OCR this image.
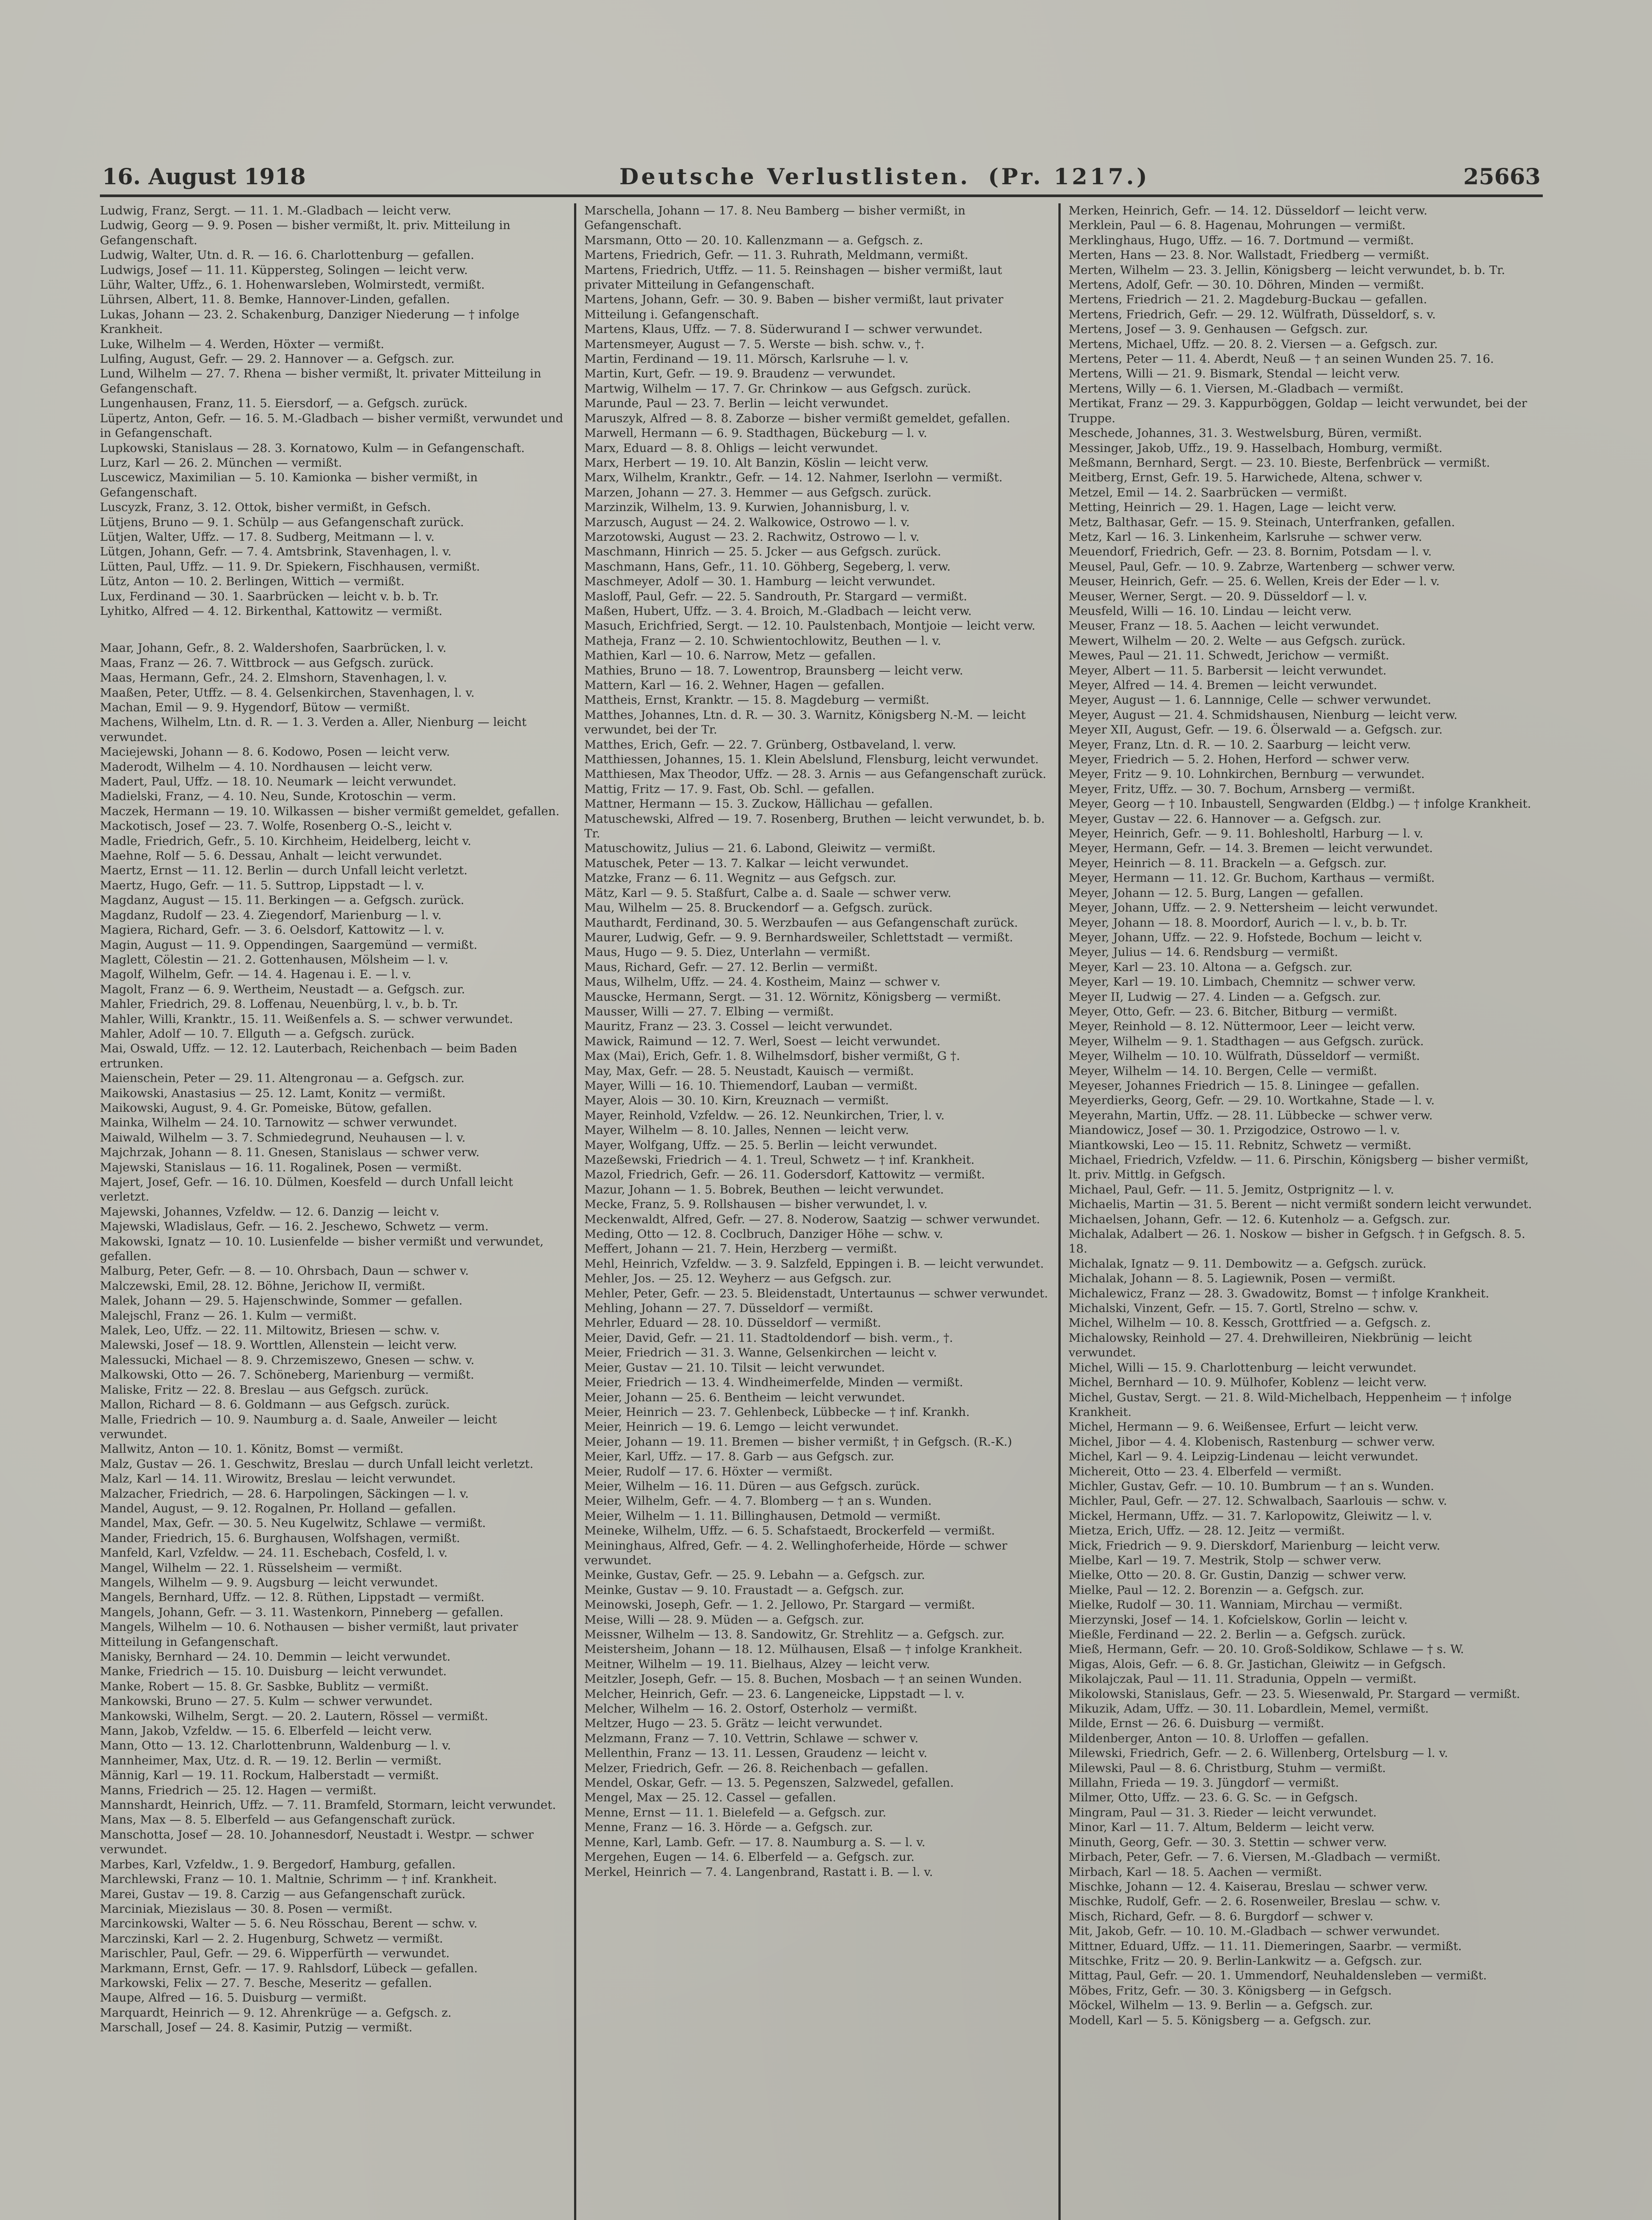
16. August 1918	Deutsche Verlustlisten. (Pr. 1217.)	25663

Ludwig, Franz, Sergt. — 11. 1. M.-Gladbach — leicht verw.

Ludwig, Georg — 9. 9. Posen — bisher vermißt, lt. priv. Mitteilung in Gefangenschaft.

Ludwig, Walter, Utn. d. R. — 16. 6. Charlottenburg — gefallen.

Ludwigs, Josef — 11. 11. Küppersteg, Solingen — leicht verw.

Lühr, Walter, Uffz., 6. 1. Hohenwarsleben, Wolmirstedt, vermißt.

Lührsen, Albert, 11. 8. Bemke, Hannover-Linden, gefallen.

Lukas, Johann — 23. 2. Schakenburg, Danziger Niederung — † infolge Krankheit.

Luke, Wilhelm — 4. Werden, Höxter — vermißt.

Lulfing, August, Gefr. — 29. 2. Hannover — a. Gefgsch. zur.

Lund, Wilhelm — 27. 7. Rhena — bisher vermißt, lt. privater Mitteilung in Gefangenschaft.

Lungenhausen, Franz, 11. 5. Eiersdorf, — a. Gefgsch. zurück.

Lüpertz, Anton, Gefr. — 16. 5. M.-Gladbach — bisher vermißt, verwundet und in Gefangenschaft.

Lupkowski, Stanislaus — 28. 3. Kornatowo, Kulm — in Gefangenschaft.

Lurz, Karl — 26. 2. München — vermißt.

Luscewicz, Maximilian — 5. 10. Kamionka — bisher vermißt, in Gefangenschaft.

Luscyzk, Franz, 3. 12. Ottok, bisher vermißt, in Gefsch.

Lütjens, Bruno — 9. 1. Schülp — aus Gefangenschaft zurück.

Lütjen, Walter, Uffz. — 17. 8. Sudberg, Meitmann — l. v.

Lütgen, Johann, Gefr. — 7. 4. Amtsbrink, Stavenhagen, l. v.

Lütten, Paul, Uffz. — 11. 9. Dr. Spiekern, Fischhausen, vermißt.

Lütz, Anton — 10. 2. Berlingen, Wittich — vermißt.

Lux, Ferdinand — 30. 1. Saarbrücken — leicht v. b. b. Tr.

Lyhitko, Alfred — 4. 12. Birkenthal, Kattowitz — vermißt.

Maar, Johann, Gefr., 8. 2. Waldershofen, Saarbrücken, l. v.

Maas, Franz — 26. 7. Wittbrock — aus Gefgsch. zurück.

Maas, Hermann, Gefr., 24. 2. Elmshorn, Stavenhagen, l. v.

Maaßen, Peter, Utffz. — 8. 4. Gelsenkirchen, Stavenhagen, l. v.

Machan, Emil — 9. 9. Hygendorf, Bütow — vermißt.

Machens, Wilhelm, Ltn. d. R. — 1. 3. Verden a. Aller, Nienburg — leicht verwundet.

Maciejewski, Johann — 8. 6. Kodowo, Posen — leicht verw.

Maderodt, Wilhelm — 4. 10. Nordhausen — leicht verw.

Madert, Paul, Uffz. — 18. 10. Neumark — leicht verwundet.

Madielski, Franz, — 4. 10. Neu, Sunde, Krotoschin — verm.

Maczek, Hermann — 19. 10. Wilkassen — bisher vermißt gemeldet, gefallen.

Mackotisch, Josef — 23. 7. Wolfe, Rosenberg O.-S., leicht v.

Madle, Friedrich, Gefr., 5. 10. Kirchheim, Heidelberg, leicht v.

Maehne, Rolf — 5. 6. Dessau, Anhalt — leicht verwundet.

Maertz, Ernst — 11. 12. Berlin — durch Unfall leicht verletzt.

Maertz, Hugo, Gefr. — 11. 5. Suttrop, Lippstadt — l. v.

Magdanz, August — 15. 11. Berkingen — a. Gefgsch. zurück.

Magdanz, Rudolf — 23. 4. Ziegendorf, Marienburg — l. v.

Magiera, Richard, Gefr. — 3. 6. Oelsdorf, Kattowitz — l. v.

Magin, August — 11. 9. Oppendingen, Saargemünd — vermißt.

Maglett, Cölestin — 21. 2. Gottenhausen, Mölsheim — l. v.

Magolf, Wilhelm, Gefr. — 14. 4. Hagenau i. E. — l. v.

Magolt, Franz — 6. 9. Wertheim, Neustadt — a. Gefgsch. zur.

Mahler, Friedrich, 29. 8. Loffenau, Neuenbürg, l. v., b. b. Tr.

Mahler, Willi, Kranktr., 15. 11. Weißenfels a. S. — schwer verwundet.

Mahler, Adolf — 10. 7. Ellguth — a. Gefgsch. zurück.

Mai, Oswald, Uffz. — 12. 12. Lauterbach, Reichenbach — beim Baden ertrunken.

Maienschein, Peter — 29. 11. Altengronau — a. Gefgsch. zur.

Maikowski, Anastasius — 25. 12. Lamt, Konitz — vermißt.

Maikowski, August, 9. 4. Gr. Pomeiske, Bütow, gefallen.

Mainka, Wilhelm — 24. 10. Tarnowitz — schwer verwundet.

Maiwald, Wilhelm — 3. 7. Schmiedegrund, Neuhausen — l. v.

Majchrzak, Johann — 8. 11. Gnesen, Stanislaus — schwer verw.

Majewski, Stanislaus — 16. 11. Rogalinek, Posen — vermißt.

Majert, Josef, Gefr. — 16. 10. Dülmen, Koesfeld — durch Unfall leicht verletzt.

Majewski, Johannes, Vzfeldw. — 12. 6. Danzig — leicht v.

Majewski, Wladislaus, Gefr. — 16. 2. Jeschewo, Schwetz — verm.

Makowski, Ignatz — 10. 10. Lusienfelde — bisher vermißt und verwundet, gefallen.

Malburg, Peter, Gefr. — 8. — 10. Ohrsbach, Daun — schwer v.

Malczewski, Emil, 28. 12. Böhne, Jerichow II, vermißt.

Malek, Johann — 29. 5. Hajenschwinde, Sommer — gefallen.

Malejschl, Franz — 26. 1. Kulm — vermißt.

Malek, Leo, Uffz. — 22. 11. Miltowitz, Briesen — schw. v.

Malewski, Josef — 18. 9. Worttlen, Allenstein — leicht verw.

Malessucki, Michael — 8. 9. Chrzemiszewo, Gnesen — schw. v.

Malkowski, Otto — 26. 7. Schöneberg, Marienburg — vermißt.

Maliske, Fritz — 22. 8. Breslau — aus Gefgsch. zurück.

Mallon, Richard — 8. 6. Goldmann — aus Gefgsch. zurück.

Malle, Friedrich — 10. 9. Naumburg a. d. Saale, Anweiler — leicht verwundet.

Mallwitz, Anton — 10. 1. Könitz, Bomst — vermißt.

Malz, Gustav — 26. 1. Geschwitz, Breslau — durch Unfall leicht verletzt.

Malz, Karl — 14. 11. Wirowitz, Breslau — leicht verwundet.

Malzacher, Friedrich, — 28. 6. Harpolingen, Säckingen — l. v.

Mandel, August, — 9. 12. Rogalnen, Pr. Holland — gefallen.

Mandel, Max, Gefr. — 30. 5. Neu Kugelwitz, Schlawe — vermißt.

Mander, Friedrich, 15. 6. Burghausen, Wolfshagen, vermißt.

Manfeld, Karl, Vzfeldw. — 24. 11. Eschebach, Cosfeld, l. v.

Mangel, Wilhelm — 22. 1. Rüsselsheim — vermißt.

Mangels, Wilhelm — 9. 9. Augsburg — leicht verwundet.

Mangels, Bernhard, Uffz. — 12. 8. Rüthen, Lippstadt — vermißt.

Mangels, Johann, Gefr. — 3. 11. Wastenkorn, Pinneberg — gefallen.

Mangels, Wilhelm — 10. 6. Nothausen — bisher vermißt, laut privater Mitteilung in Gefangenschaft.

Manisky, Bernhard — 24. 10. Demmin — leicht verwundet.

Manke, Friedrich — 15. 10. Duisburg — leicht verwundet.

Manke, Robert — 15. 8. Gr. Sasbke, Bublitz — vermißt.

Mankowski, Bruno — 27. 5. Kulm — schwer verwundet.

Mankowski, Wilhelm, Sergt. — 20. 2. Lautern, Rössel — vermißt.

Mann, Jakob, Vzfeldw. — 15. 6. Elberfeld — leicht verw.

Mann, Otto — 13. 12. Charlottenbrunn, Waldenburg — l. v.

Mannheimer, Max, Utz. d. R. — 19. 12. Berlin — vermißt.

Männig, Karl — 19. 11. Rockum, Halberstadt — vermißt.

Manns, Friedrich — 25. 12. Hagen — vermißt.

Mannshardt, Heinrich, Uffz. — 7. 11. Bramfeld, Stormarn, leicht verwundet.

Mans, Max — 8. 5. Elberfeld — aus Gefangenschaft zurück.

Manschotta, Josef — 28. 10. Johannesdorf, Neustadt i. Westpr. — schwer verwundet.

Marbes, Karl, Vzfeldw., 1. 9. Bergedorf, Hamburg, gefallen.

Marchlewski, Franz — 10. 1. Maltnie, Schrimm — † inf. Krankheit.

Marei, Gustav — 19. 8. Carzig — aus Gefangenschaft zurück.

Marciniak, Miezislaus — 30. 8. Posen — vermißt.

Marcinkowski, Walter — 5. 6. Neu Rösschau, Berent — schw. v.

Marczinski, Karl — 2. 2. Hugenburg, Schwetz — vermißt.

Marischler, Paul, Gefr. — 29. 6. Wipperfürth — verwundet.

Markmann, Ernst, Gefr. — 17. 9. Rahlsdorf, Lübeck — gefallen.

Markowski, Felix — 27. 7. Besche, Meseritz — gefallen.

Maupe, Alfred — 16. 5. Duisburg — vermißt.

Marquardt, Heinrich — 9. 12. Ahrenkrüge — a. Gefgsch. z.

Marschall, Josef — 24. 8. Kasimir, Putzig — vermißt.

Marschella, Johann — 17. 8. Neu Bamberg — bisher vermißt, in Gefangenschaft.

Marsmann, Otto — 20. 10. Kallenzmann — a. Gefgsch. z.

Martens, Friedrich, Gefr. — 11. 3. Ruhrath, Meldmann, vermißt.

Martens, Friedrich, Utffz. — 11. 5. Reinshagen — bisher vermißt, laut privater Mitteilung in Gefangenschaft.

Martens, Johann, Gefr. — 30. 9. Baben — bisher vermißt, laut privater Mitteilung i. Gefangenschaft.

Martens, Klaus, Uffz. — 7. 8. Süderwurand I — schwer verwundet.

Martensmeyer, August — 7. 5. Werste — bish. schw. v., †.

Martin, Ferdinand — 19. 11. Mörsch, Karlsruhe — l. v.

Martin, Kurt, Gefr. — 19. 9. Braudenz — verwundet.

Martwig, Wilhelm — 17. 7. Gr. Chrinkow — aus Gefgsch. zurück.

Marunde, Paul — 23. 7. Berlin — leicht verwundet.

Maruszyk, Alfred — 8. 8. Zaborze — bisher vermißt gemeldet, gefallen.

Marwell, Hermann — 6. 9. Stadthagen, Bückeburg — l. v.

Marx, Eduard — 8. 8. Ohligs — leicht verwundet.

Marx, Herbert — 19. 10. Alt Banzin, Köslin — leicht verw.

Marx, Wilhelm, Kranktr., Gefr. — 14. 12. Nahmer, Iserlohn — vermißt.

Marzen, Johann — 27. 3. Hemmer — aus Gefgsch. zurück.

Marzinzik, Wilhelm, 13. 9. Kurwien, Johannisburg, l. v.

Marzusch, August — 24. 2. Walkowice, Ostrowo — l. v.

Marzotowski, August — 23. 2. Rachwitz, Ostrowo — l. v.

Maschmann, Hinrich — 25. 5. Jcker — aus Gefgsch. zurück.

Maschmann, Hans, Gefr., 11. 10. Göhberg, Segeberg, l. verw.

Maschmeyer, Adolf — 30. 1. Hamburg — leicht verwundet.

Masloff, Paul, Gefr. — 22. 5. Sandrouth, Pr. Stargard — vermißt.

Maßen, Hubert, Uffz. — 3. 4. Broich, M.-Gladbach — leicht verw.

Masuch, Erichfried, Sergt. — 12. 10. Paulstenbach, Montjoie — leicht verw.

Matheja, Franz — 2. 10. Schwientochlowitz, Beuthen — l. v.

Mathien, Karl — 10. 6. Narrow, Metz — gefallen.

Mathies, Bruno — 18. 7. Lowentrop, Braunsberg — leicht verw.

Mattern, Karl — 16. 2. Wehner, Hagen — gefallen.

Mattheis, Ernst, Kranktr. — 15. 8. Magdeburg — vermißt.

Matthes, Johannes, Ltn. d. R. — 30. 3. Warnitz, Königsberg N.-M. — leicht verwundet, bei der Tr.

Matthes, Erich, Gefr. — 22. 7. Grünberg, Ostbaveland, l. verw.

Matthiessen, Johannes, 15. 1. Klein Abelslund, Flensburg, leicht verwundet.

Matthiesen, Max Theodor, Uffz. — 28. 3. Arnis — aus Gefangenschaft zurück.

Mattig, Fritz — 17. 9. Fast, Ob. Schl. — gefallen.

Mattner, Hermann — 15. 3. Zuckow, Hällichau — gefallen.

Matuschewski, Alfred — 19. 7. Rosenberg, Bruthen — leicht verwundet, b. b. Tr.

Matuschowitz, Julius — 21. 6. Labond, Gleiwitz — vermißt.

Matuschek, Peter — 13. 7. Kalkar — leicht verwundet.

Matzke, Franz — 6. 11. Wegnitz — aus Gefgsch. zur.

Mätz, Karl — 9. 5. Staßfurt, Calbe a. d. Saale — schwer verw.

Mau, Wilhelm — 25. 8. Bruckendorf — a. Gefgsch. zurück.

Mauthardt, Ferdinand, 30. 5. Werzbaufen — aus Gefangenschaft zurück.

Maurer, Ludwig, Gefr. — 9. 9. Bernhardsweiler, Schlettstadt — vermißt.

Maus, Hugo — 9. 5. Diez, Unterlahn — vermißt.

Maus, Richard, Gefr. — 27. 12. Berlin — vermißt.

Maus, Wilhelm, Uffz. — 24. 4. Kostheim, Mainz — schwer v.

Mauscke, Hermann, Sergt. — 31. 12. Wörnitz, Königsberg — vermißt.

Mausser, Willi — 27. 7. Elbing — vermißt.

Mauritz, Franz — 23. 3. Cossel — leicht verwundet.

Mawick, Raimund — 12. 7. Werl, Soest — leicht verwundet.

Max (Mai), Erich, Gefr. 1. 8. Wilhelmsdorf, bisher vermißt, G †.

May, Max, Gefr. — 28. 5. Neustadt, Kauisch — vermißt.

Mayer, Willi — 16. 10. Thiemendorf, Lauban — vermißt.

Mayer, Alois — 30. 10. Kirn, Kreuznach — vermißt.

Mayer, Reinhold, Vzfeldw. — 26. 12. Neunkirchen, Trier, l. v.

Mayer, Wilhelm — 8. 10. Jalles, Nennen — leicht verw.

Mayer, Wolfgang, Uffz. — 25. 5. Berlin — leicht verwundet.

Mazeßewski, Friedrich — 4. 1. Treul, Schwetz — † inf. Krankheit.

Mazol, Friedrich, Gefr. — 26. 11. Godersdorf, Kattowitz — vermißt.

Mazur, Johann — 1. 5. Bobrek, Beuthen — leicht verwundet.

Mecke, Franz, 5. 9. Rollshausen — bisher verwundet, l. v.

Meckenwaldt, Alfred, Gefr. — 27. 8. Noderow, Saatzig — schwer verwundet.

Meding, Otto — 12. 8. Coclbruch, Danziger Höhe — schw. v.

Meffert, Johann — 21. 7. Hein, Herzberg — vermißt.

Mehl, Heinrich, Vzfeldw. — 3. 9. Salzfeld, Eppingen i. B. — leicht verwundet.

Mehler, Jos. — 25. 12. Weyherz — aus Gefgsch. zur.

Mehler, Peter, Gefr. — 23. 5. Bleidenstadt, Untertaunus — schwer verwundet.

Mehling, Johann — 27. 7. Düsseldorf — vermißt.

Mehrler, Eduard — 28. 10. Düsseldorf — vermißt.

Meier, David, Gefr. — 21. 11. Stadtoldendorf — bish. verm., †.

Meier, Friedrich — 31. 3. Wanne, Gelsenkirchen — leicht v.

Meier, Gustav — 21. 10. Tilsit — leicht verwundet.

Meier, Friedrich — 13. 4. Windheimerfelde, Minden — vermißt.

Meier, Johann — 25. 6. Bentheim — leicht verwundet.

Meier, Heinrich — 23. 7. Gehlenbeck, Lübbecke — † inf. Krankh.

Meier, Heinrich — 19. 6. Lemgo — leicht verwundet.

Meier, Johann — 19. 11. Bremen — bisher vermißt, † in Gefgsch. (R.-K.)

Meier, Karl, Uffz. — 17. 8. Garb — aus Gefgsch. zur.

Meier, Rudolf — 17. 6. Höxter — vermißt.

Meier, Wilhelm — 16. 11. Düren — aus Gefgsch. zurück.

Meier, Wilhelm, Gefr. — 4. 7. Blomberg — † an s. Wunden.

Meier, Wilhelm — 1. 11. Billinghausen, Detmold — vermißt.

Meineke, Wilhelm, Uffz. — 6. 5. Schafstaedt, Brockerfeld — vermißt.

Meininghaus, Alfred, Gefr. — 4. 2. Wellinghoferheide, Hörde — schwer verwundet.

Meinke, Gustav, Gefr. — 25. 9. Lebahn — a. Gefgsch. zur.

Meinke, Gustav — 9. 10. Fraustadt — a. Gefgsch. zur.

Meinowski, Joseph, Gefr. — 1. 2. Jellowo, Pr. Stargard — vermißt.

Meise, Willi — 28. 9. Müden — a. Gefgsch. zur.

Meissner, Wilhelm — 13. 8. Sandowitz, Gr. Strehlitz — a. Gefgsch. zur.

Meistersheim, Johann — 18. 12. Mülhausen, Elsaß — † infolge Krankheit.

Meitner, Wilhelm — 19. 11. Bielhaus, Alzey — leicht verw.

Meitzler, Joseph, Gefr. — 15. 8. Buchen, Mosbach — † an seinen Wunden.

Melcher, Heinrich, Gefr. — 23. 6. Langeneicke, Lippstadt — l. v.

Melcher, Wilhelm — 16. 2. Ostorf, Osterholz — vermißt.

Meltzer, Hugo — 23. 5. Grätz — leicht verwundet.

Melzmann, Franz — 7. 10. Vettrin, Schlawe — schwer v.

Mellenthin, Franz — 13. 11. Lessen, Graudenz — leicht v.

Melzer, Friedrich, Gefr. — 26. 8. Reichenbach — gefallen.

Mendel, Oskar, Gefr. — 13. 5. Pegenszen, Salzwedel, gefallen.

Mengel, Max — 25. 12. Cassel — gefallen.

Menne, Ernst — 11. 1. Bielefeld — a. Gefgsch. zur.

Menne, Franz — 16. 3. Hörde — a. Gefgsch. zur.

Menne, Karl, Lamb. Gefr. — 17. 8. Naumburg a. S. — l. v.

Mergehen, Eugen — 14. 6. Elberfeld — a. Gefgsch. zur.

Merkel, Heinrich — 7. 4. Langenbrand, Rastatt i. B. — l. v.

Merken, Heinrich, Gefr. — 14. 12. Düsseldorf — leicht verw.

Merklein, Paul — 6. 8. Hagenau, Mohrungen — vermißt.

Merklinghaus, Hugo, Uffz. — 16. 7. Dortmund — vermißt.

Merten, Hans — 23. 8. Nor. Wallstadt, Friedberg — vermißt.

Merten, Wilhelm — 23. 3. Jellin, Königsberg — leicht verwundet, b. b. Tr.

Mertens, Adolf, Gefr. — 30. 10. Döhren, Minden — vermißt.

Mertens, Friedrich — 21. 2. Magdeburg-Buckau — gefallen.

Mertens, Friedrich, Gefr. — 29. 12. Wülfrath, Düsseldorf, s. v.

Mertens, Josef — 3. 9. Genhausen — Gefgsch. zur.

Mertens, Michael, Uffz. — 20. 8. 2. Viersen — a. Gefgsch. zur.

Mertens, Peter — 11. 4. Aberdt, Neuß — † an seinen Wunden 25. 7. 16.

Mertens, Willi — 21. 9. Bismark, Stendal — leicht verw.

Mertens, Willy — 6. 1. Viersen, M.-Gladbach — vermißt.

Mertikat, Franz — 29. 3. Kappurböggen, Goldap — leicht verwundet, bei der Truppe.

Meschede, Johannes, 31. 3. Westwelsburg, Büren, vermißt.

Messinger, Jakob, Uffz., 19. 9. Hasselbach, Homburg, vermißt.

Meßmann, Bernhard, Sergt. — 23. 10. Bieste, Berfenbrück — vermißt.

Meitberg, Ernst, Gefr. 19. 5. Harwichede, Altena, schwer v.

Metzel, Emil — 14. 2. Saarbrücken — vermißt.

Metting, Heinrich — 29. 1. Hagen, Lage — leicht verw.

Metz, Balthasar, Gefr. — 15. 9. Steinach, Unterfranken, gefallen.

Metz, Karl — 16. 3. Linkenheim, Karlsruhe — schwer verw.

Meuendorf, Friedrich, Gefr. — 23. 8. Bornim, Potsdam — l. v.

Meusel, Paul, Gefr. — 10. 9. Zabrze, Wartenberg — schwer verw.

Meuser, Heinrich, Gefr. — 25. 6. Wellen, Kreis der Eder — l. v.

Meuser, Werner, Sergt. — 20. 9. Düsseldorf — l. v.

Meusfeld, Willi — 16. 10. Lindau — leicht verw.

Meuser, Franz — 18. 5. Aachen — leicht verwundet.

Mewert, Wilhelm — 20. 2. Welte — aus Gefgsch. zurück.

Mewes, Paul — 21. 11. Schwedt, Jerichow — vermißt.

Meyer, Albert — 11. 5. Barbersit — leicht verwundet.

Meyer, Alfred — 14. 4. Bremen — leicht verwundet.

Meyer, August — 1. 6. Lannnige, Celle — schwer verwundet.

Meyer, August — 21. 4. Schmidshausen, Nienburg — leicht verw.

Meyer XII, August, Gefr. — 19. 6. Ölserwald — a. Gefgsch. zur.

Meyer, Franz, Ltn. d. R. — 10. 2. Saarburg — leicht verw.

Meyer, Friedrich — 5. 2. Hohen, Herford — schwer verw.

Meyer, Fritz — 9. 10. Lohnkirchen, Bernburg — verwundet.

Meyer, Fritz, Uffz. — 30. 7. Bochum, Arnsberg — vermißt.

Meyer, Georg — † 10. Inbaustell, Sengwarden (Eldbg.) — † infolge Krankheit.

Meyer, Gustav — 22. 6. Hannover — a. Gefgsch. zur.

Meyer, Heinrich, Gefr. — 9. 11. Bohlesholtl, Harburg — l. v.

Meyer, Hermann, Gefr. — 14. 3. Bremen — leicht verwundet.

Meyer, Heinrich — 8. 11. Brackeln — a. Gefgsch. zur.

Meyer, Hermann — 11. 12. Gr. Buchom, Karthaus — vermißt.

Meyer, Johann — 12. 5. Burg, Langen — gefallen.

Meyer, Johann, Uffz. — 2. 9. Nettersheim — leicht verwundet.

Meyer, Johann — 18. 8. Moordorf, Aurich — l. v., b. b. Tr.

Meyer, Johann, Uffz. — 22. 9. Hofstede, Bochum — leicht v.

Meyer, Julius — 14. 6. Rendsburg — vermißt.

Meyer, Karl — 23. 10. Altona — a. Gefgsch. zur.

Meyer, Karl — 19. 10. Limbach, Chemnitz — schwer verw.

Meyer II, Ludwig — 27. 4. Linden — a. Gefgsch. zur.

Meyer, Otto, Gefr. — 23. 6. Bitcher, Bitburg — vermißt.

Meyer, Reinhold — 8. 12. Nüttermoor, Leer — leicht verw.

Meyer, Wilhelm — 9. 1. Stadthagen — aus Gefgsch. zurück.

Meyer, Wilhelm — 10. 10. Wülfrath, Düsseldorf — vermißt.

Meyer, Wilhelm — 14. 10. Bergen, Celle — vermißt.

Meyeser, Johannes Friedrich — 15. 8. Liningee — gefallen.

Meyerdierks, Georg, Gefr. — 29. 10. Wortkahne, Stade — l. v.

Meyerahn, Martin, Uffz. — 28. 11. Lübbecke — schwer verw.

Miandowicz, Josef — 30. 1. Przigodzice, Ostrowo — l. v.

Miantkowski, Leo — 15. 11. Rebnitz, Schwetz — vermißt.

Michael, Friedrich, Vzfeldw. — 11. 6. Pirschin, Königsberg — bisher vermißt, lt. priv. Mittlg. in Gefgsch.

Michael, Paul, Gefr. — 11. 5. Jemitz, Ostprignitz — l. v.

Michaelis, Martin — 31. 5. Berent — nicht vermißt sondern leicht verwundet.

Michaelsen, Johann, Gefr. — 12. 6. Kutenholz — a. Gefgsch. zur.

Michalak, Adalbert — 26. 1. Noskow — bisher in Gefgsch. † in Gefgsch. 8. 5. 18.

Michalak, Ignatz — 9. 11. Dembowitz — a. Gefgsch. zurück.

Michalak, Johann — 8. 5. Lagiewnik, Posen — vermißt.

Michalewicz, Franz — 28. 3. Gwadowitz, Bomst — † infolge Krankheit.

Michalski, Vinzent, Gefr. — 15. 7. Gortl, Strelno — schw. v.

Michel, Wilhelm — 10. 8. Kessch, Grottfried — a. Gefgsch. z.

Michalowsky, Reinhold — 27. 4. Drehwilleiren, Niekbrünig — leicht verwundet.

Michel, Willi — 15. 9. Charlottenburg — leicht verwundet.

Michel, Bernhard — 10. 9. Mülhofer, Koblenz — leicht verw.

Michel, Gustav, Sergt. — 21. 8. Wild-Michelbach, Heppenheim — † infolge Krankheit.

Michel, Hermann — 9. 6. Weißensee, Erfurt — leicht verw.

Michel, Jibor — 4. 4. Klobenisch, Rastenburg — schwer verw.

Michel, Karl — 9. 4. Leipzig-Lindenau — leicht verwundet.

Michereit, Otto — 23. 4. Elberfeld — vermißt.

Michler, Gustav, Gefr. — 10. 10. Bumbrum — † an s. Wunden.

Michler, Paul, Gefr. — 27. 12. Schwalbach, Saarlouis — schw. v.

Mickel, Hermann, Uffz. — 31. 7. Karlopowitz, Gleiwitz — l. v.

Mietza, Erich, Uffz. — 28. 12. Jeitz — vermißt.

Mick, Friedrich — 9. 9. Dierskdorf, Marienburg — leicht verw.

Mielbe, Karl — 19. 7. Mestrik, Stolp — schwer verw.

Mielke, Otto — 20. 8. Gr. Gustin, Danzig — schwer verw.

Mielke, Paul — 12. 2. Borenzin — a. Gefgsch. zur.

Mielke, Rudolf — 30. 11. Wanniam, Mirchau — vermißt.

Mierzynski, Josef — 14. 1. Kofcielskow, Gorlin — leicht v.

Mießle, Ferdinand — 22. 2. Berlin — a. Gefgsch. zurück.

Mieß, Hermann, Gefr. — 20. 10. Groß-Soldikow, Schlawe — † s. W.

Migas, Alois, Gefr. — 6. 8. Gr. Jastichan, Gleiwitz — in Gefgsch.

Mikolajczak, Paul — 11. 11. Stradunia, Oppeln — vermißt.

Mikolowski, Stanislaus, Gefr. — 23. 5. Wiesenwald, Pr. Stargard — vermißt.

Mikuzik, Adam, Uffz. — 30. 11. Lobardlein, Memel, vermißt.

Milde, Ernst — 26. 6. Duisburg — vermißt.

Mildenberger, Anton — 10. 8. Urloffen — gefallen.

Milewski, Friedrich, Gefr. — 2. 6. Willenberg, Ortelsburg — l. v.

Milewski, Paul — 8. 6. Christburg, Stuhm — vermißt.

Millahn, Frieda — 19. 3. Jüngdorf — vermißt.

Milmer, Otto, Uffz. — 23. 6. G. Sc. — in Gefgsch.

Mingram, Paul — 31. 3. Rieder — leicht verwundet.

Minor, Karl — 11. 7. Altum, Belderm — leicht verw.

Minuth, Georg, Gefr. — 30. 3. Stettin — schwer verw.

Mirbach, Peter, Gefr. — 7. 6. Viersen, M.-Gladbach — vermißt.

Mirbach, Karl — 18. 5. Aachen — vermißt.

Mischke, Johann — 12. 4. Kaiserau, Breslau — schwer verw.

Mischke, Rudolf, Gefr. — 2. 6. Rosenweiler, Breslau — schw. v.

Misch, Richard, Gefr. — 8. 6. Burgdorf — schwer v.

Mit, Jakob, Gefr. — 10. 10. M.-Gladbach — schwer verwundet.

Mittner, Eduard, Uffz. — 11. 11. Diemeringen, Saarbr. — vermißt.

Mitschke, Fritz — 20. 9. Berlin-Lankwitz — a. Gefgsch. zur.

Mittag, Paul, Gefr. — 20. 1. Ummendorf, Neuhaldensleben — vermißt.

Möbes, Fritz, Gefr. — 30. 3. Königsberg — in Gefgsch.

Möckel, Wilhelm — 13. 9. Berlin — a. Gefgsch. zur.

Modell, Karl — 5. 5. Königsberg — a. Gefgsch. zur.
